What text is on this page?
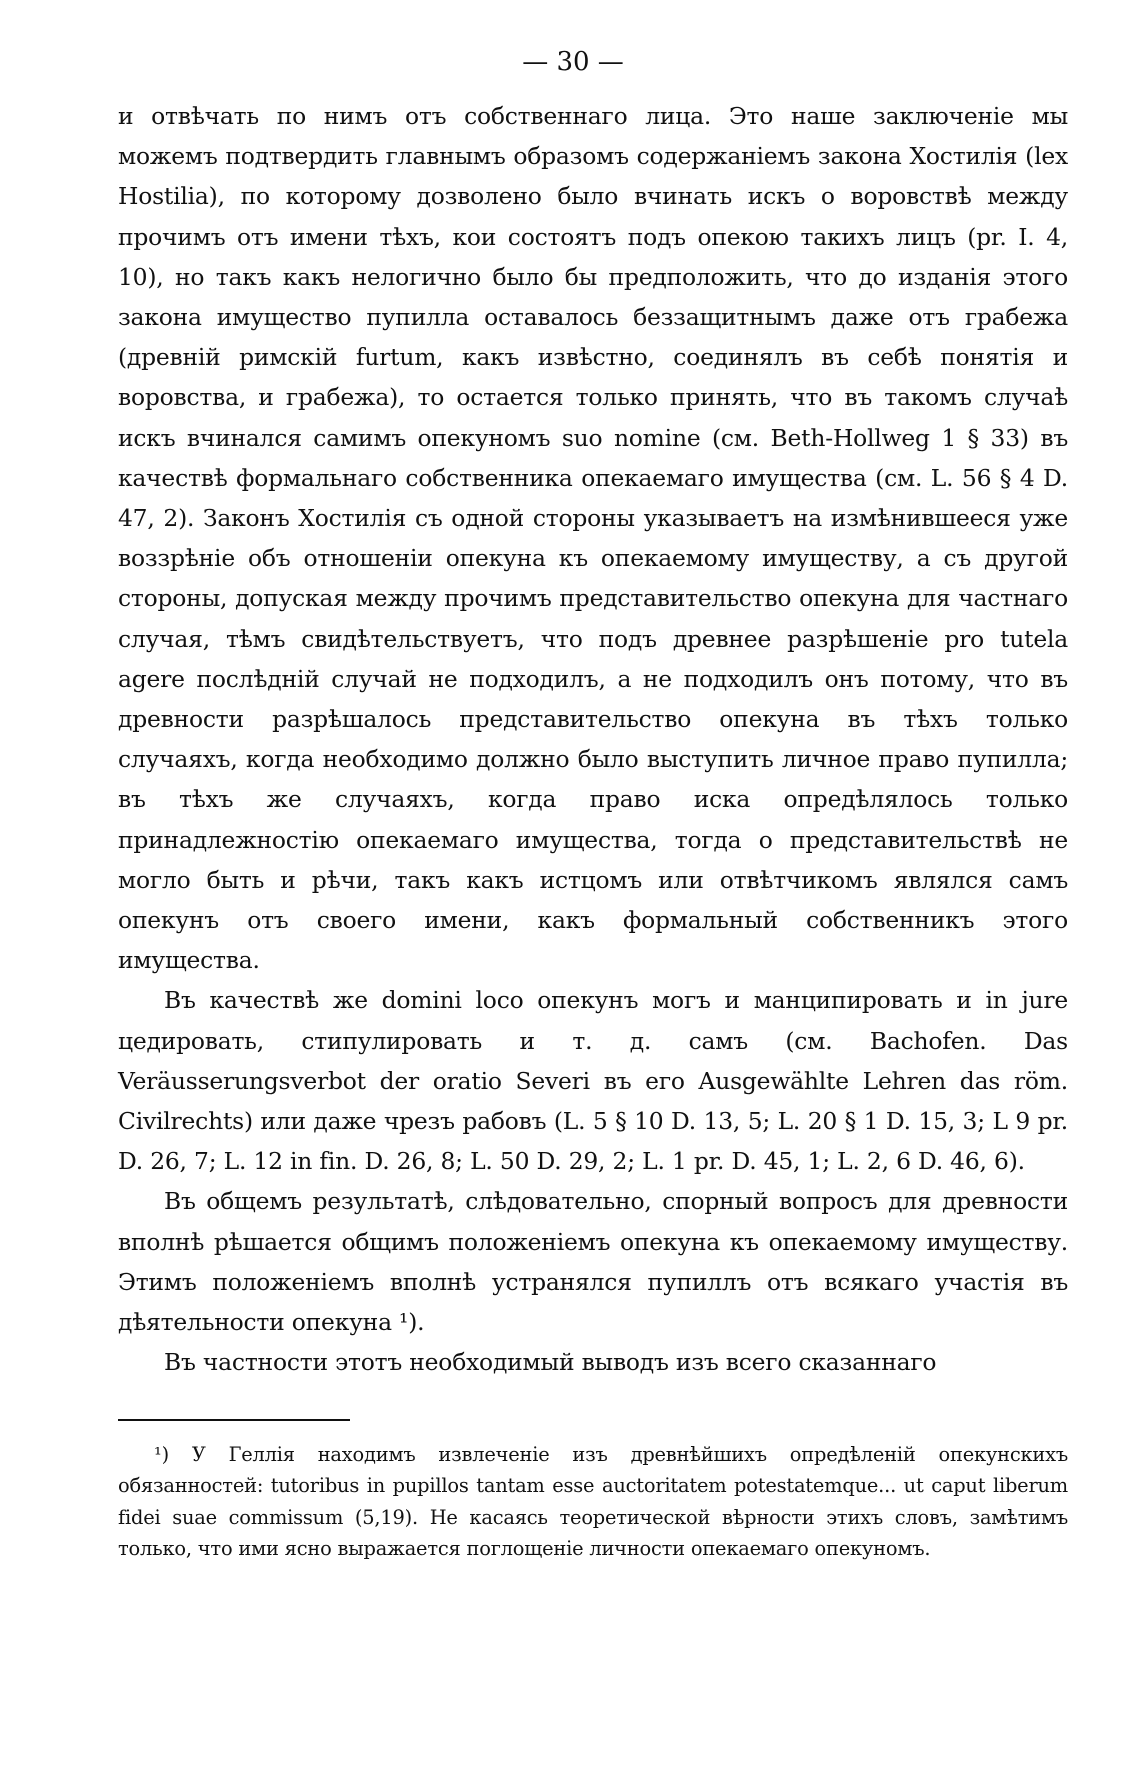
— 30 —

и отвѣчать по нимъ отъ собственнаго лица. Это наше заключенiе мы можемъ подтвердить главнымъ образомъ содержанiемъ закона Хостилiя (lex Hostilia), по которому дозволено было вчинать искъ о воровствѣ между прочимъ отъ имени тѣхъ, кои состоятъ подъ опекою такихъ лицъ (pr. I. 4, 10), но такъ какъ нелогично было бы предположить, что до изданiя этого закона имущество пупилла оставалось беззащитнымъ даже отъ грабежа (древнiй римскiй furtum, какъ извѣстно, соединялъ въ себѣ понятiя и воровства, и грабежа), то остается только принять, что въ такомъ случаѣ искъ вчинался самимъ опекуномъ suo nomine (см. Beth-Hollweg 1 § 33) въ качествѣ формальнаго собственника опекаемаго имущества (см. L. 56 § 4 D. 47, 2). Законъ Хостилiя съ одной стороны указываетъ на измѣнившееся уже воззрѣнiе объ отношенiи опекуна къ опекаемому имуществу, а съ другой стороны, допуская между прочимъ представительство опекуна для частнаго случая, тѣмъ свидѣтельствуетъ, что подъ древнее разрѣшенiе pro tutela agere послѣднiй случай не подходилъ, а не подходилъ онъ потому, что въ древности разрѣшалось представительство опекуна въ тѣхъ только случаяхъ, когда необходимо должно было выступить личное право пупилла; въ тѣхъ же случаяхъ, когда право иска опредѣлялось только принадлежностiю опекаемаго имущества, тогда о представительствѣ не могло быть и рѣчи, такъ какъ истцомъ или отвѣтчикомъ являлся самъ опекунъ отъ своего имени, какъ формальный собственникъ этого имущества.

Въ качествѣ же domini loco опекунъ могъ и манципировать и in jure цедировать, стипулировать и т. д. самъ (см. Bachofen. Das Veräusserungsverbot der oratio Severi въ его Ausgewählte Lehren das röm. Civilrechts) или даже чрезъ рабовъ (L. 5 § 10 D. 13, 5; L. 20 § 1 D. 15, 3; L 9 pr. D. 26, 7; L. 12 in fin. D. 26, 8; L. 50 D. 29, 2; L. 1 pr. D. 45, 1; L. 2, 6 D. 46, 6).

Въ общемъ результатѣ, слѣдовательно, спорный вопросъ для древности вполнѣ рѣшается общимъ положенiемъ опекуна къ опекаемому имуществу. Этимъ положенiемъ вполнѣ устранялся пупиллъ отъ всякаго участiя въ дѣятельности опекуна ¹).

Въ частности этотъ необходимый выводъ изъ всего сказаннаго

¹) У Геллiя находимъ извлеченiе изъ древнѣйшихъ опредѣленiй опекунскихъ обязанностей: tutoribus in pupillos tantam esse auctoritatem potestatemque... ut caput liberum fidei suae commissum (5,19). Не касаясь теоретической вѣрности этихъ словъ, замѣтимъ только, что ими ясно выражается поглощенiе личности опекаемаго опекуномъ.
